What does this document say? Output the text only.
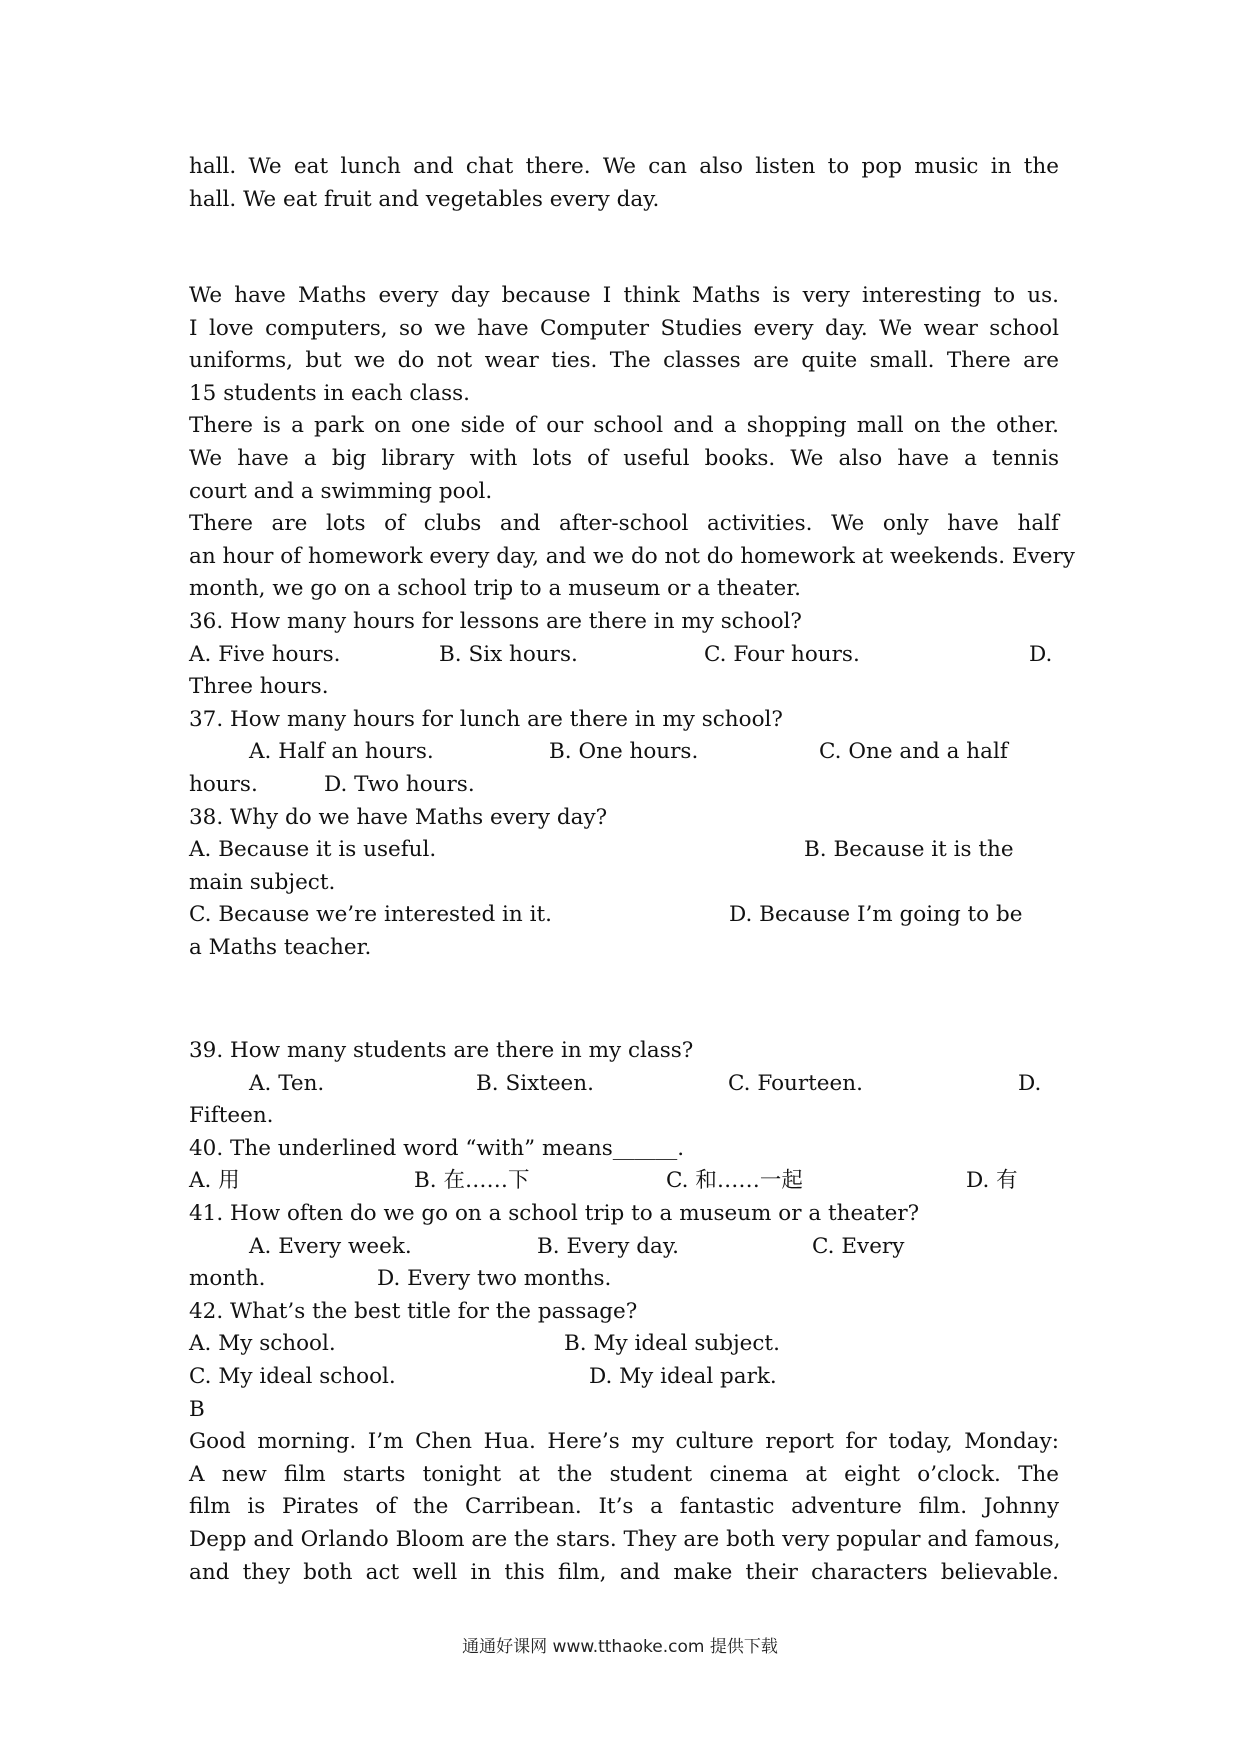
hall. We eat lunch and chat there. We can also listen to pop music in the
hall. We eat fruit and vegetables every day.
We have Maths every day because I think Maths is very interesting to us.
I love computers, so we have Computer Studies every day. We wear school
uniforms, but we do not wear ties. The classes are quite small. There are
15 students in each class.
There is a park on one side of our school and a shopping mall on the other.
We have a big library with lots of useful books. We also have a tennis
court and a swimming pool.
There are lots of clubs and after-school activities. We only have half
an hour of homework every day, and we do not do homework at weekends. Every
month, we go on a school trip to a museum or a theater.
36. How many hours for lessons are there in my school?
A. Five hours.	B. Six hours.	C. Four hours.	D.
Three hours.
37. How many hours for lunch are there in my school?
A. Half an hours.	B. One hours.	C. One and a half
hours.	D. Two hours.
38. Why do we have Maths every day?
A. Because it is useful.	B. Because it is the
main subject.
C. Because we’re interested in it.	D. Because I’m going to be
a Maths teacher.
39. How many students are there in my class?
A. Ten.	B. Sixteen.	C. Fourteen.	D.
Fifteen.
40. The underlined word “with” means______.
A. 用	B. 在……下	C. 和……一起	D. 有
41. How often do we go on a school trip to a museum or a theater?
A. Every week.	B. Every day.	C. Every
month.	D. Every two months.
42. What’s the best title for the passage?
A. My school.	B. My ideal subject.
C. My ideal school.	D. My ideal park.
B
Good morning. I’m Chen Hua. Here’s my culture report for today, Monday:
A new film starts tonight at the student cinema at eight o’clock. The
film is Pirates of the Carribean. It’s a fantastic adventure film. Johnny
Depp and Orlando Bloom are the stars. They are both very popular and famous,
and they both act well in this film, and make their characters believable.
通通好课网 www.tthaoke.com 提供下载
